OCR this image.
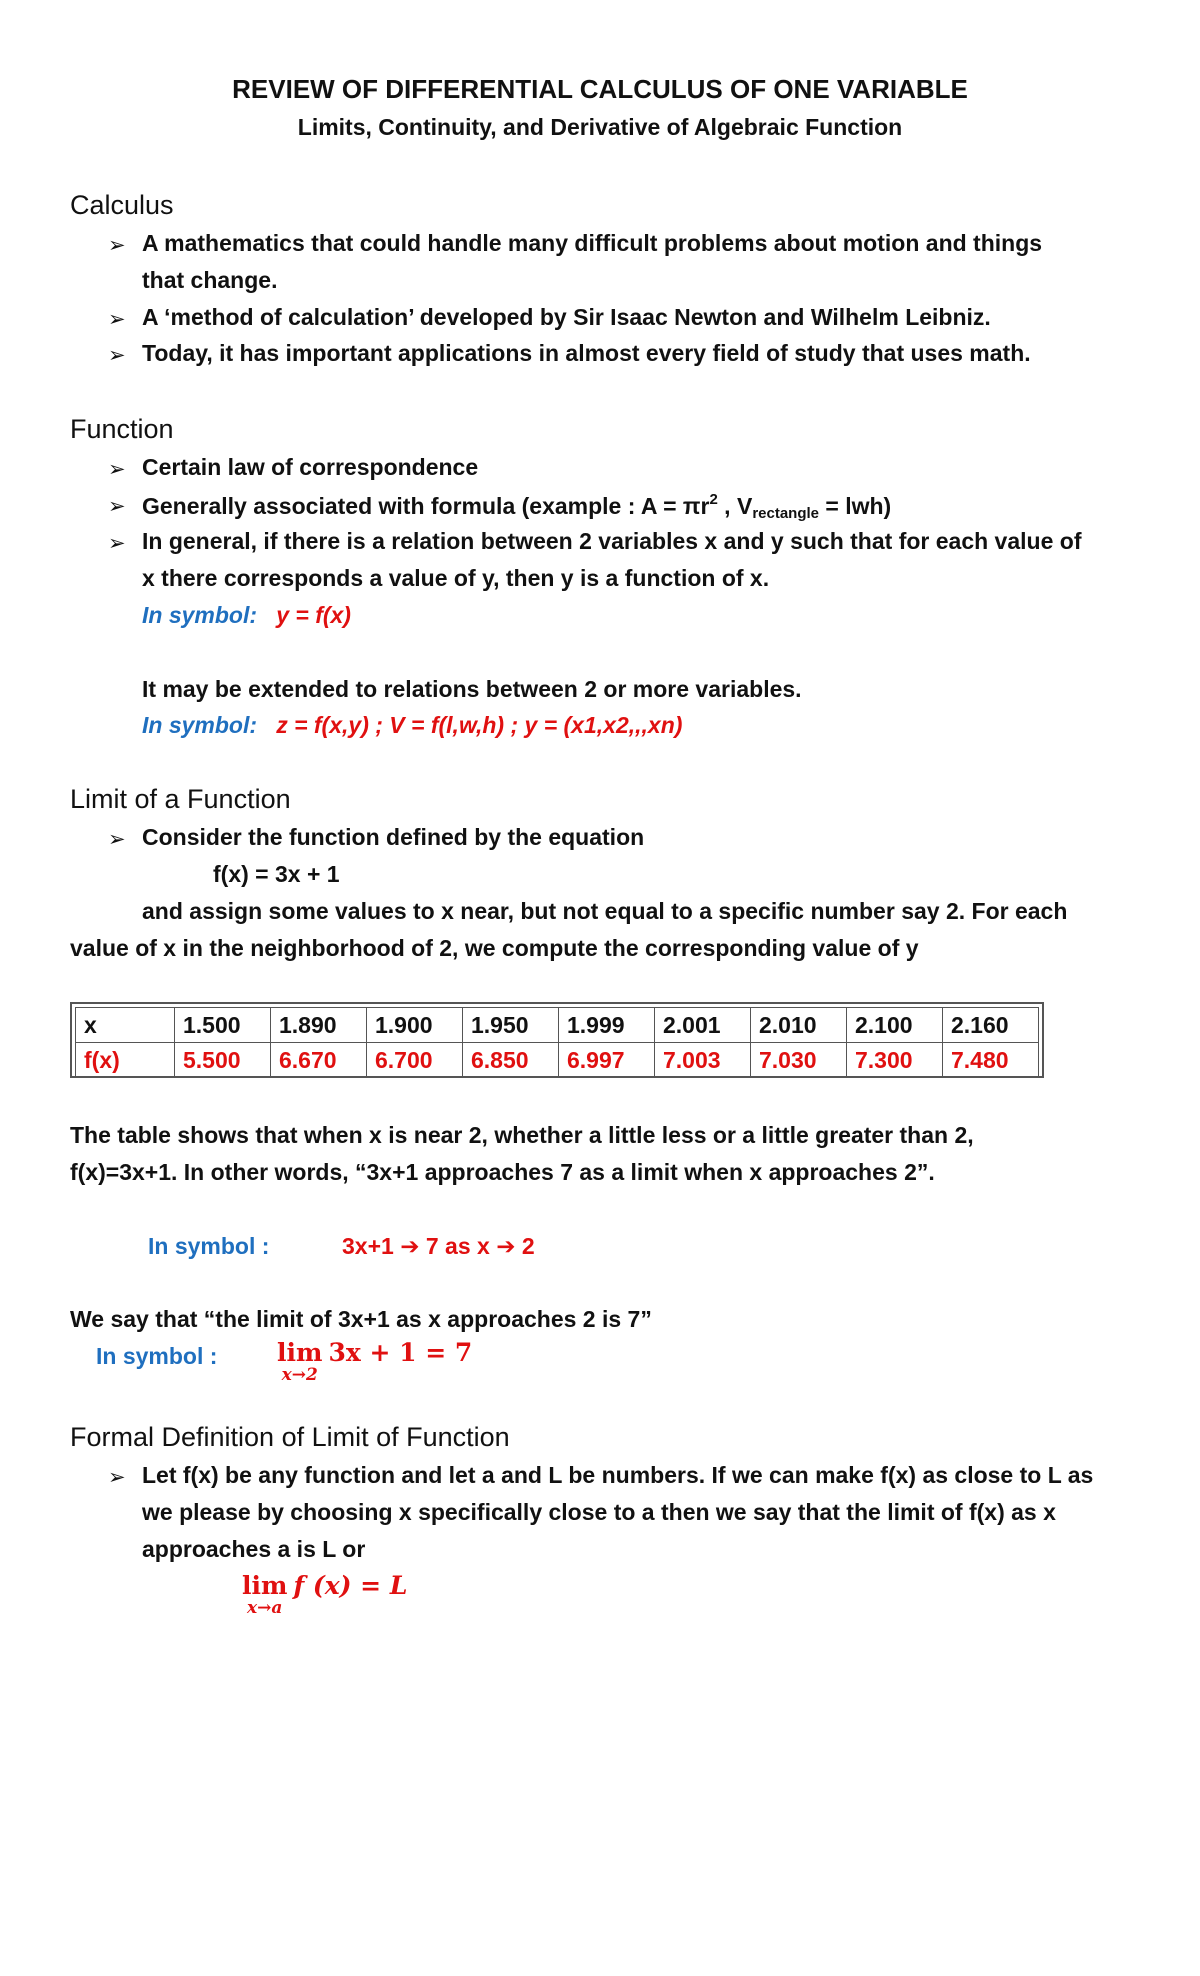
REVIEW OF DIFFERENTIAL CALCULUS OF ONE VARIABLE
Limits, Continuity, and Derivative of Algebraic Function
Calculus
➢ A mathematics that could handle many difficult problems about motion and things
that change.
➢ A ‘method of calculation’ developed by Sir Isaac Newton and Wilhelm Leibniz.
➢ Today, it has important applications in almost every field of study that uses math.
Function
➢ Certain law of correspondence
➢ Generally associated with formula (example : $A = \pi r^2$ , $V_{rectangle} = lwh$)
➢ In general, if there is a relation between 2 variables x and y such that for each value of
x there corresponds a value of y, then y is a function of x.
In symbol: y = f(x)
It may be extended to relations between 2 or more variables.
In symbol: z = f(x,y) ; V = f(l,w,h) ; y = (x1,x2,,,xn)
Limit of a Function
➢ Consider the function defined by the equation
f(x) = 3x + 1
and assign some values to x near, but not equal to a specific number say 2. For each
value of x in the neighborhood of 2, we compute the corresponding value of y
x	1.500	1.890	1.900	1.950	1.999	2.001	2.010	2.100	2.160
f(x)	5.500	6.670	6.700	6.850	6.997	7.003	7.030	7.300	7.480
The table shows that when x is near 2, whether a little less or a little greater than 2,
f(x)=3x+1. In other words, “3x+1 approaches 7 as a limit when x approaches 2”.
In symbol :	3x+1 ➔ 7 as x ➔ 2
We say that “the limit of 3x+1 as x approaches 2 is 7”
In symbol : lim
x→2
3x + 1 = 7
Formal Definition of Limit of Function
➢ Let f(x) be any function and let a and L be numbers. If we can make f(x) as close to L as
we please by choosing x specifically close to a then we say that the limit of f(x) as x
approaches a is L or
lim
x→a
f (x) = L
